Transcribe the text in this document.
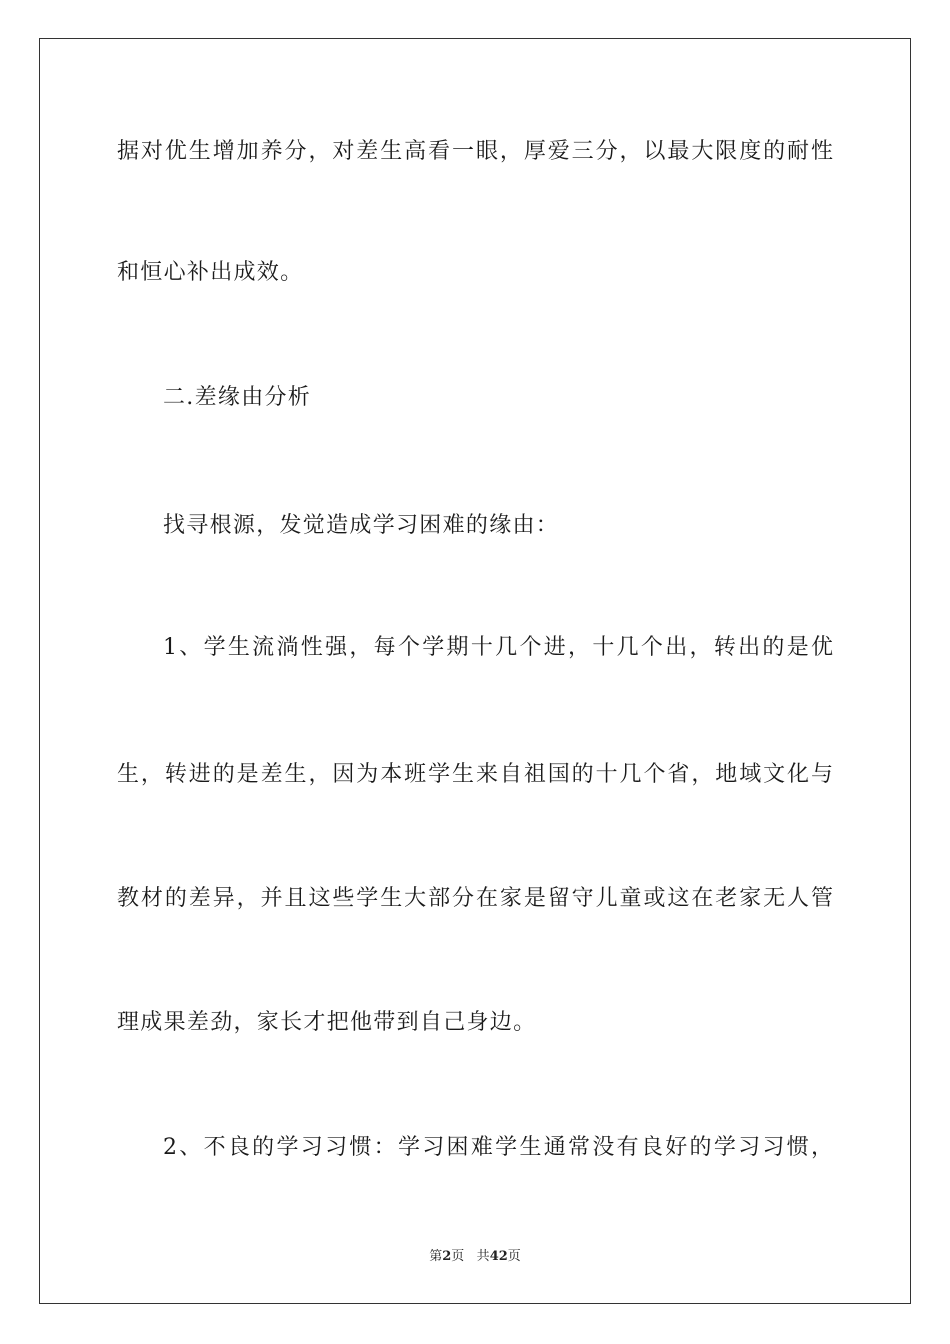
据对优生增加养分，对差生高看一眼，厚爱三分，以最大限度的耐性
和恒心补出成效。
二.差缘由分析
找寻根源，发觉造成学习困难的缘由：
1、学生流淌性强，每个学期十几个进，十几个出，转出的是优
生，转进的是差生，因为本班学生来自祖国的十几个省，地域文化与
教材的差异，并且这些学生大部分在家是留守儿童或这在老家无人管
理成果差劲，家长才把他带到自己身边。
2、不良的学习习惯：学习困难学生通常没有良好的学习习惯，
第2页 共42页
